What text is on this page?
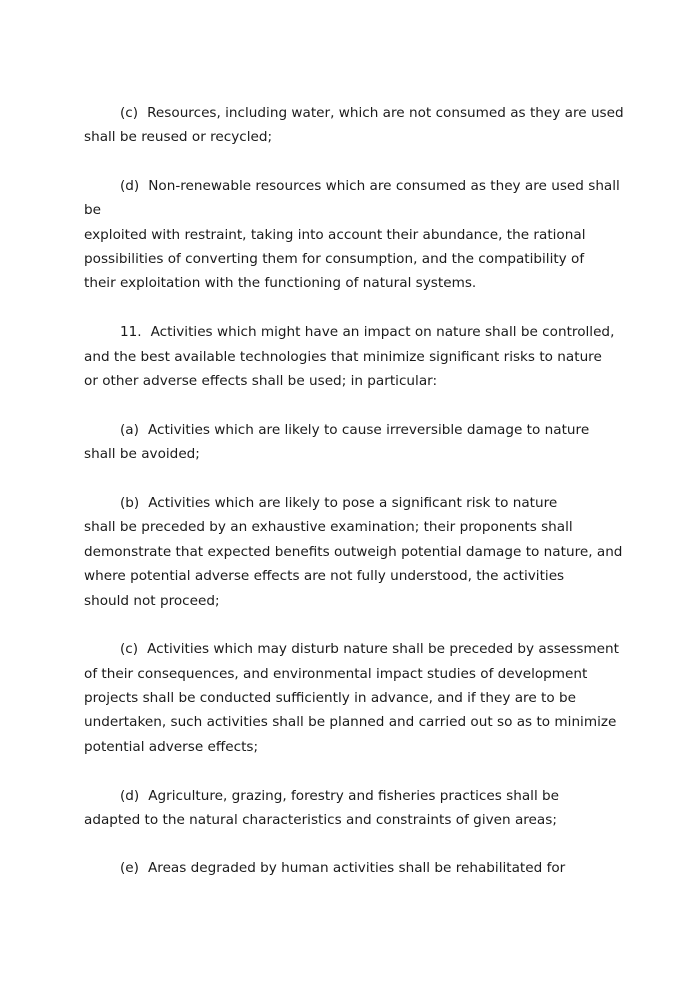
(c) Resources, including water, which are not consumed as they are used
shall be reused or recycled;
(d) Non-renewable resources which are consumed as they are used shall
be
exploited with restraint, taking into account their abundance, the rational
possibilities of converting them for consumption, and the compatibility of
their exploitation with the functioning of natural systems.
11. Activities which might have an impact on nature shall be controlled,
and the best available technologies that minimize significant risks to nature
or other adverse effects shall be used; in particular:
(a) Activities which are likely to cause irreversible damage to nature
shall be avoided;
(b) Activities which are likely to pose a significant risk to nature
shall be preceded by an exhaustive examination; their proponents shall
demonstrate that expected benefits outweigh potential damage to nature, and
where potential adverse effects are not fully understood, the activities
should not proceed;
(c) Activities which may disturb nature shall be preceded by assessment
of their consequences, and environmental impact studies of development
projects shall be conducted sufficiently in advance, and if they are to be
undertaken, such activities shall be planned and carried out so as to minimize
potential adverse effects;
(d) Agriculture, grazing, forestry and fisheries practices shall be
adapted to the natural characteristics and constraints of given areas;
(e) Areas degraded by human activities shall be rehabilitated for
